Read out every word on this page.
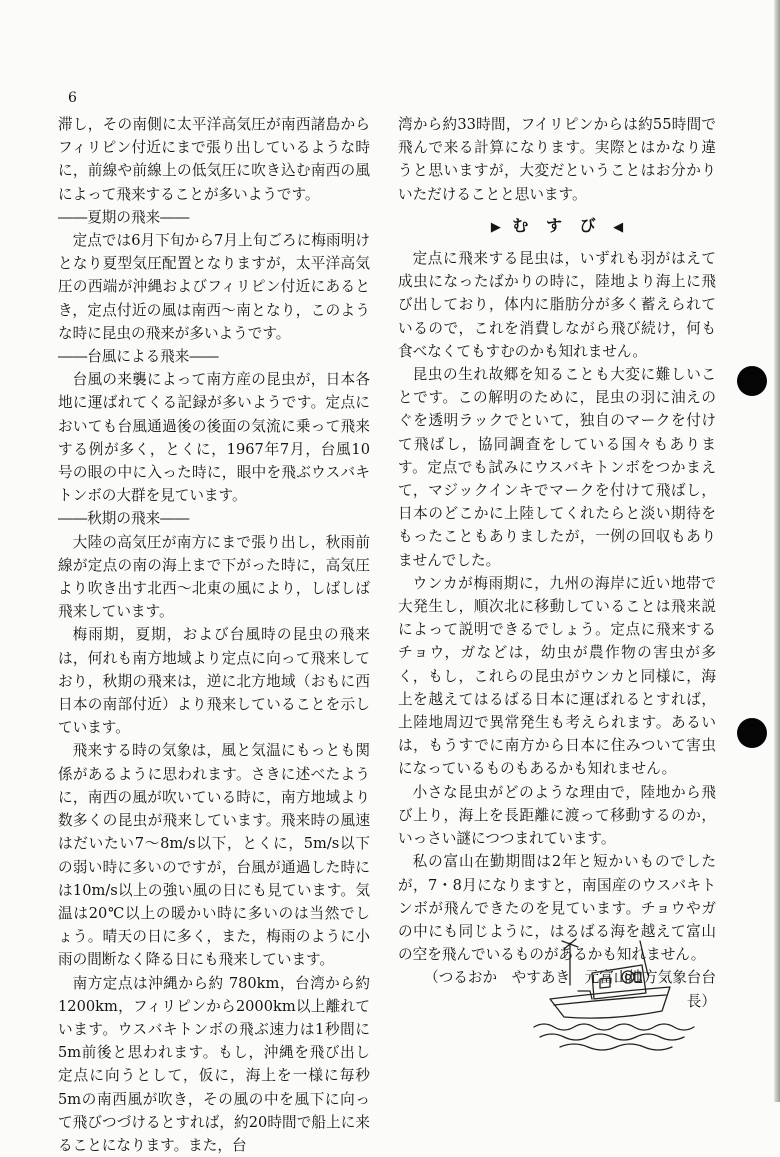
6

滞し，その南側に太平洋高気圧が南西諸島からフィリピン付近にまで張り出しているような時に，前線や前線上の低気圧に吹き込む南西の風によって飛来することが多いようです。

――夏期の飛来――

定点では6月下旬から7月上旬ごろに梅雨明けとなり夏型気圧配置となりますが，太平洋高気圧の西端が沖縄およびフィリピン付近にあるとき，定点付近の風は南西～南となり，このような時に昆虫の飛来が多いようです。

――台風による飛来――

台風の来襲によって南方産の昆虫が，日本各地に運ばれてくる記録が多いようです。定点においても台風通過後の後面の気流に乗って飛来する例が多く，とくに，1967年7月，台風10号の眼の中に入った時に，眼中を飛ぶウスバキトンボの大群を見ています。

――秋期の飛来――

大陸の高気圧が南方にまで張り出し，秋雨前線が定点の南の海上まで下がった時に，高気圧より吹き出す北西～北東の風により，しばしば飛来しています。

梅雨期，夏期，および台風時の昆虫の飛来は，何れも南方地域より定点に向って飛来しており，秋期の飛来は，逆に北方地域（おもに西日本の南部付近）より飛来していることを示しています。

飛来する時の気象は，風と気温にもっとも関係があるように思われます。さきに述べたように，南西の風が吹いている時に，南方地域より数多くの昆虫が飛来しています。飛来時の風速はだいたい7～8m/s以下，とくに，5m/s以下の弱い時に多いのですが，台風が通過した時には10m/s以上の強い風の日にも見ています。気温は20℃以上の暖かい時に多いのは当然でしょう。晴天の日に多く，また，梅雨のように小雨の間断なく降る日にも飛来しています。

南方定点は沖縄から約 780km，台湾から約1200km，フィリピンから2000km以上離れています。ウスバキトンボの飛ぶ速力は1秒間に5m前後と思われます。もし，沖縄を飛び出し定点に向うとして，仮に，海上を一様に毎秒5mの南西風が吹き，その風の中を風下に向って飛びつづけるとすれば，約20時間で船上に来ることになります。また，台

湾から約33時間，フイリピンからは約55時間で飛んで来る計算になります。実際とはかなり違うと思いますが，大変だということはお分かりいただけることと思います。

▶ む す び ◀

定点に飛来する昆虫は，いずれも羽がはえて成虫になったばかりの時に，陸地より海上に飛び出しており，体内に脂肪分が多く蓄えられているので，これを消費しながら飛び続け，何も食べなくてもすむのかも知れません。

昆虫の生れ故郷を知ることも大変に難しいことです。この解明のために，昆虫の羽に油えのぐを透明ラックでといて，独自のマークを付けて飛ばし，協同調査をしている国々もあります。定点でも試みにウスバキトンボをつかまえて，マジックインキでマークを付けて飛ばし，日本のどこかに上陸してくれたらと淡い期待をもったこともありましたが，一例の回収もありませんでした。

ウンカが梅雨期に，九州の海岸に近い地帯で大発生し，順次北に移動していることは飛来説によって説明できるでしょう。定点に飛来するチョウ，ガなどは，幼虫が農作物の害虫が多く，もし，これらの昆虫がウンカと同様に，海上を越えてはるばる日本に運ばれるとすれば，上陸地周辺で異常発生も考えられます。あるいは，もうすでに南方から日本に住みついて害虫になっているものもあるかも知れません。

小さな昆虫がどのような理由で，陸地から飛び上り，海上を長距離に渡って移動するのか，いっさい謎につつまれています。

私の富山在勤期間は2年と短かいものでしたが，7・8月になりますと，南国産のウスバキトンボが飛んできたのを見ています。チョウやガの中にも同じように，はるばる海を越えて富山の空を飛んでいるものがあるかも知れません。

（つるおか　やすあき　元富山地方気象台台長）
